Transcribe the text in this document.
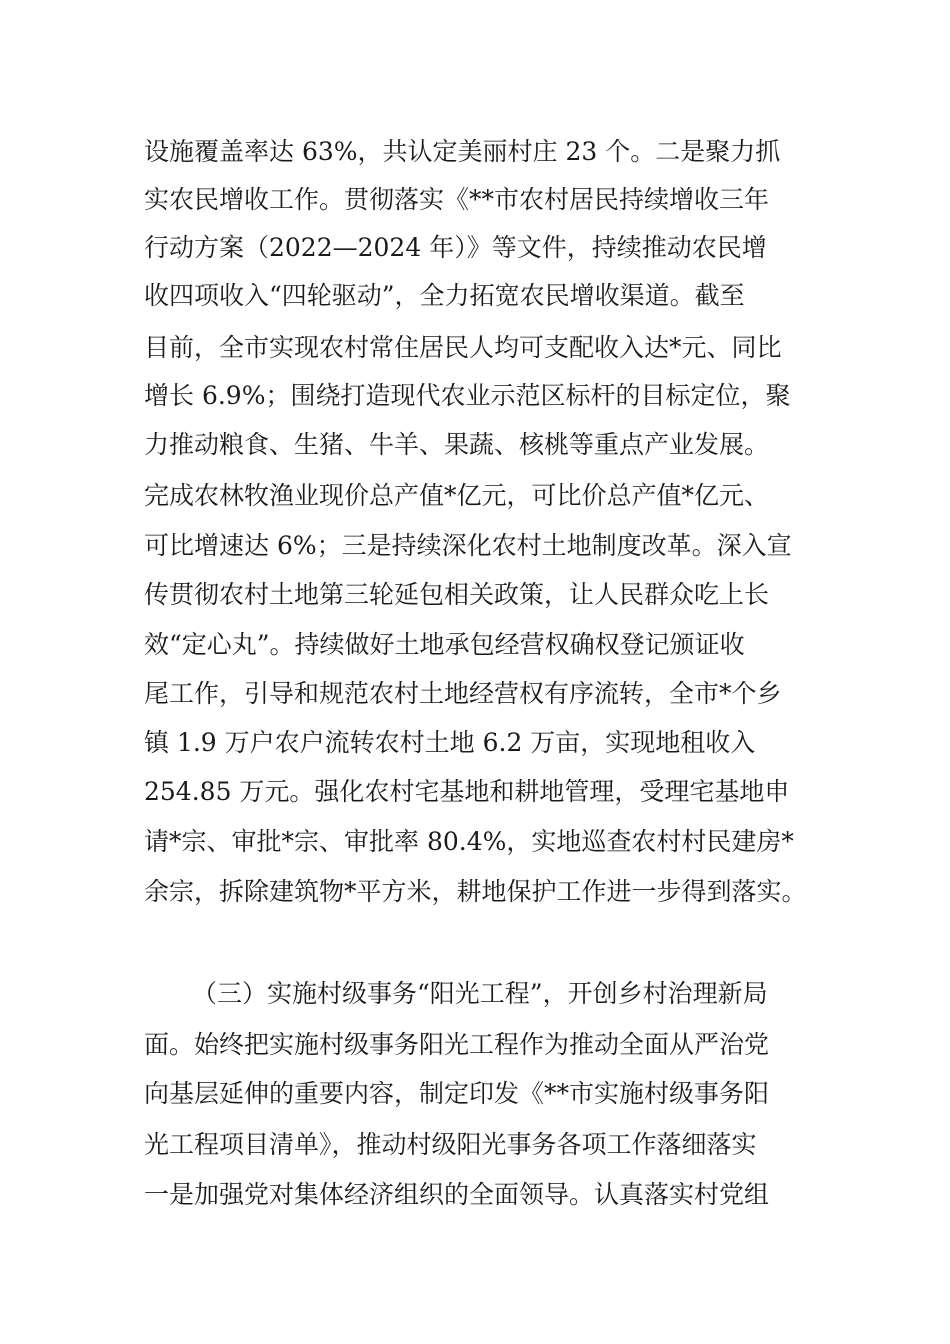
设施覆盖率达 63%，共认定美丽村庄 23 个。二是聚力抓
实农民增收工作。贯彻落实《**市农村居民持续增收三年
行动方案（2022—2024 年）》等文件，持续推动农民增
收四项收入“四轮驱动”，全力拓宽农民增收渠道。截至
目前，全市实现农村常住居民人均可支配收入达*元、同比
增长 6.9%；围绕打造现代农业示范区标杆的目标定位，聚
力推动粮食、生猪、牛羊、果蔬、核桃等重点产业发展。
完成农林牧渔业现价总产值*亿元，可比价总产值*亿元、
可比增速达 6%；三是持续深化农村土地制度改革。深入宣
传贯彻农村土地第三轮延包相关政策，让人民群众吃上长
效“定心丸”。持续做好土地承包经营权确权登记颁证收
尾工作，引导和规范农村土地经营权有序流转，全市*个乡
镇 1.9 万户农户流转农村土地 6.2 万亩，实现地租收入
254.85 万元。强化农村宅基地和耕地管理，受理宅基地申
请*宗、审批*宗、审批率 80.4%，实地巡查农村村民建房*
余宗，拆除建筑物*平方米，耕地保护工作进一步得到落实。
（三）实施村级事务“阳光工程”，开创乡村治理新局
面。始终把实施村级事务阳光工程作为推动全面从严治党
向基层延伸的重要内容，制定印发《**市实施村级事务阳
光工程项目清单》，推动村级阳光事务各项工作落细落实
一是加强党对集体经济组织的全面领导。认真落实村党组
